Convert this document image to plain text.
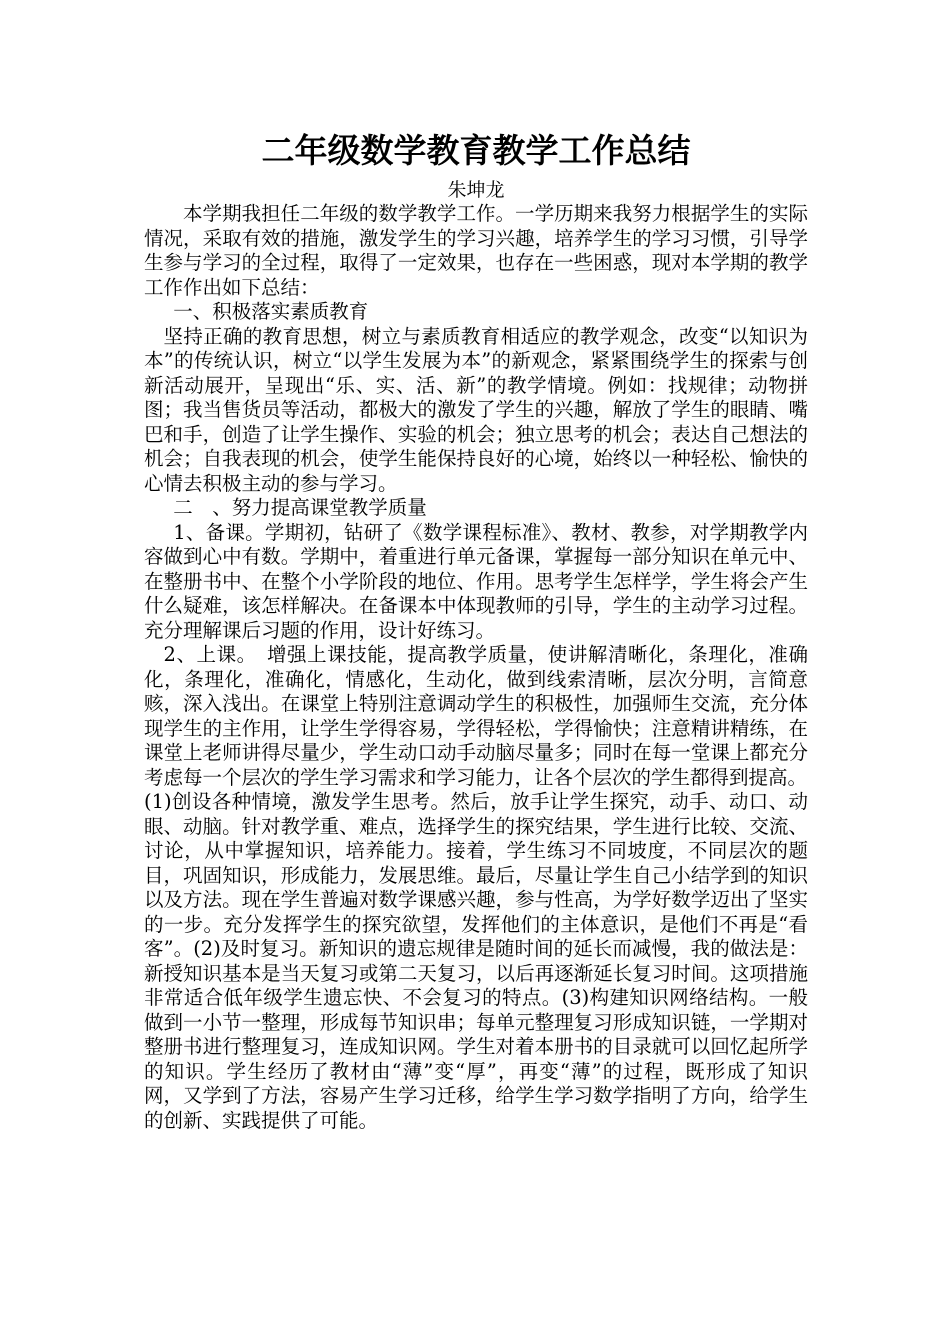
二年级数学教育教学工作总结
朱坤龙

本学期我担任二年级的数学教学工作。一学历期来我努力根据学生的实际情况，采取有效的措施，激发学生的学习兴趣，培养学生的学习习惯，引导学生参与学习的全过程，取得了一定效果，也存在一些困惑，现对本学期的教学工作作出如下总结：

一、积极落实素质教育

坚持正确的教育思想，树立与素质教育相适应的教学观念，改变“以知识为本”的传统认识，树立“以学生发展为本”的新观念，紧紧围绕学生的探索与创新活动展开，呈现出“乐、实、活、新”的教学情境。例如：找规律；动物拼图；我当售货员等活动，都极大的激发了学生的兴趣，解放了学生的眼睛、嘴巴和手，创造了让学生操作、实验的机会；独立思考的机会；表达自己想法的机会；自我表现的机会，使学生能保持良好的心境，始终以一种轻松、愉快的心情去积极主动的参与学习。

二　、努力提高课堂教学质量

1、备课。学期初，钻研了《数学课程标准》、教材、教参，对学期教学内容做到心中有数。学期中，着重进行单元备课，掌握每一部分知识在单元中、在整册书中、在整个小学阶段的地位、作用。思考学生怎样学，学生将会产生什么疑难，该怎样解决。在备课本中体现教师的引导，学生的主动学习过程。充分理解课后习题的作用，设计好练习。

2、上课。　增强上课技能，提高教学质量，使讲解清晰化，条理化，准确化，条理化，准确化，情感化，生动化，做到线索清晰，层次分明，言简意赅，深入浅出。在课堂上特别注意调动学生的积极性，加强师生交流，充分体现学生的主作用，让学生学得容易，学得轻松，学得愉快；注意精讲精练，在课堂上老师讲得尽量少，学生动口动手动脑尽量多；同时在每一堂课上都充分考虑每一个层次的学生学习需求和学习能力，让各个层次的学生都得到提高。

(1)创设各种情境，激发学生思考。然后，放手让学生探究，动手、动口、动眼、动脑。针对教学重、难点，选择学生的探究结果，学生进行比较、交流、讨论，从中掌握知识，培养能力。接着，学生练习不同坡度，不同层次的题目，巩固知识，形成能力，发展思维。最后，尽量让学生自己小结学到的知识以及方法。现在学生普遍对数学课感兴趣，参与性高，为学好数学迈出了坚实的一步。充分发挥学生的探究欲望，发挥他们的主体意识，是他们不再是“看客”。(2)及时复习。新知识的遗忘规律是随时间的延长而减慢，我的做法是：新授知识基本是当天复习或第二天复习，以后再逐渐延长复习时间。这项措施非常适合低年级学生遗忘快、不会复习的特点。(3)构建知识网络结构。一般做到一小节一整理，形成每节知识串；每单元整理复习形成知识链，一学期对整册书进行整理复习，连成知识网。学生对着本册书的目录就可以回忆起所学的知识。学生经历了教材由“薄”变“厚”，再变“薄”的过程，既形成了知识网，又学到了方法，容易产生学习迁移，给学生学习数学指明了方向，给学生的创新、实践提供了可能。
